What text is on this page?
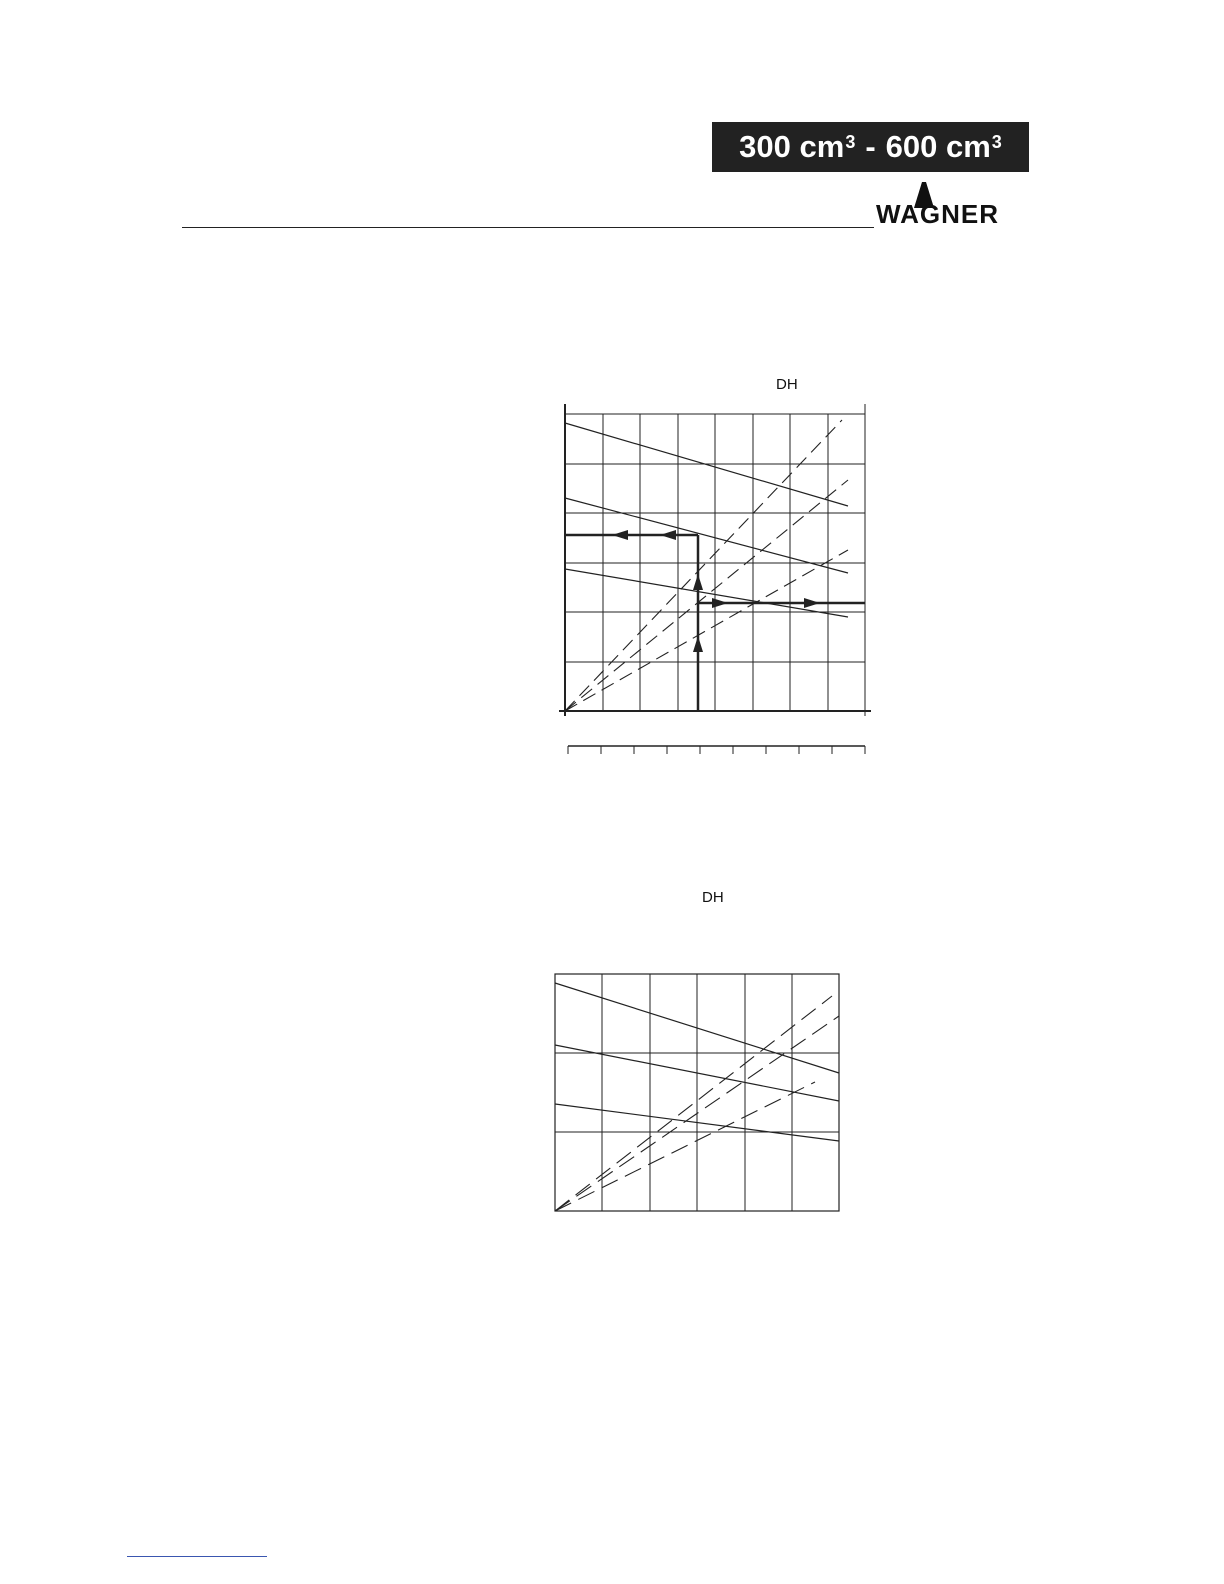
300 $cm^3 - 600$ $cm^3$
WAGNER
DH
DH
